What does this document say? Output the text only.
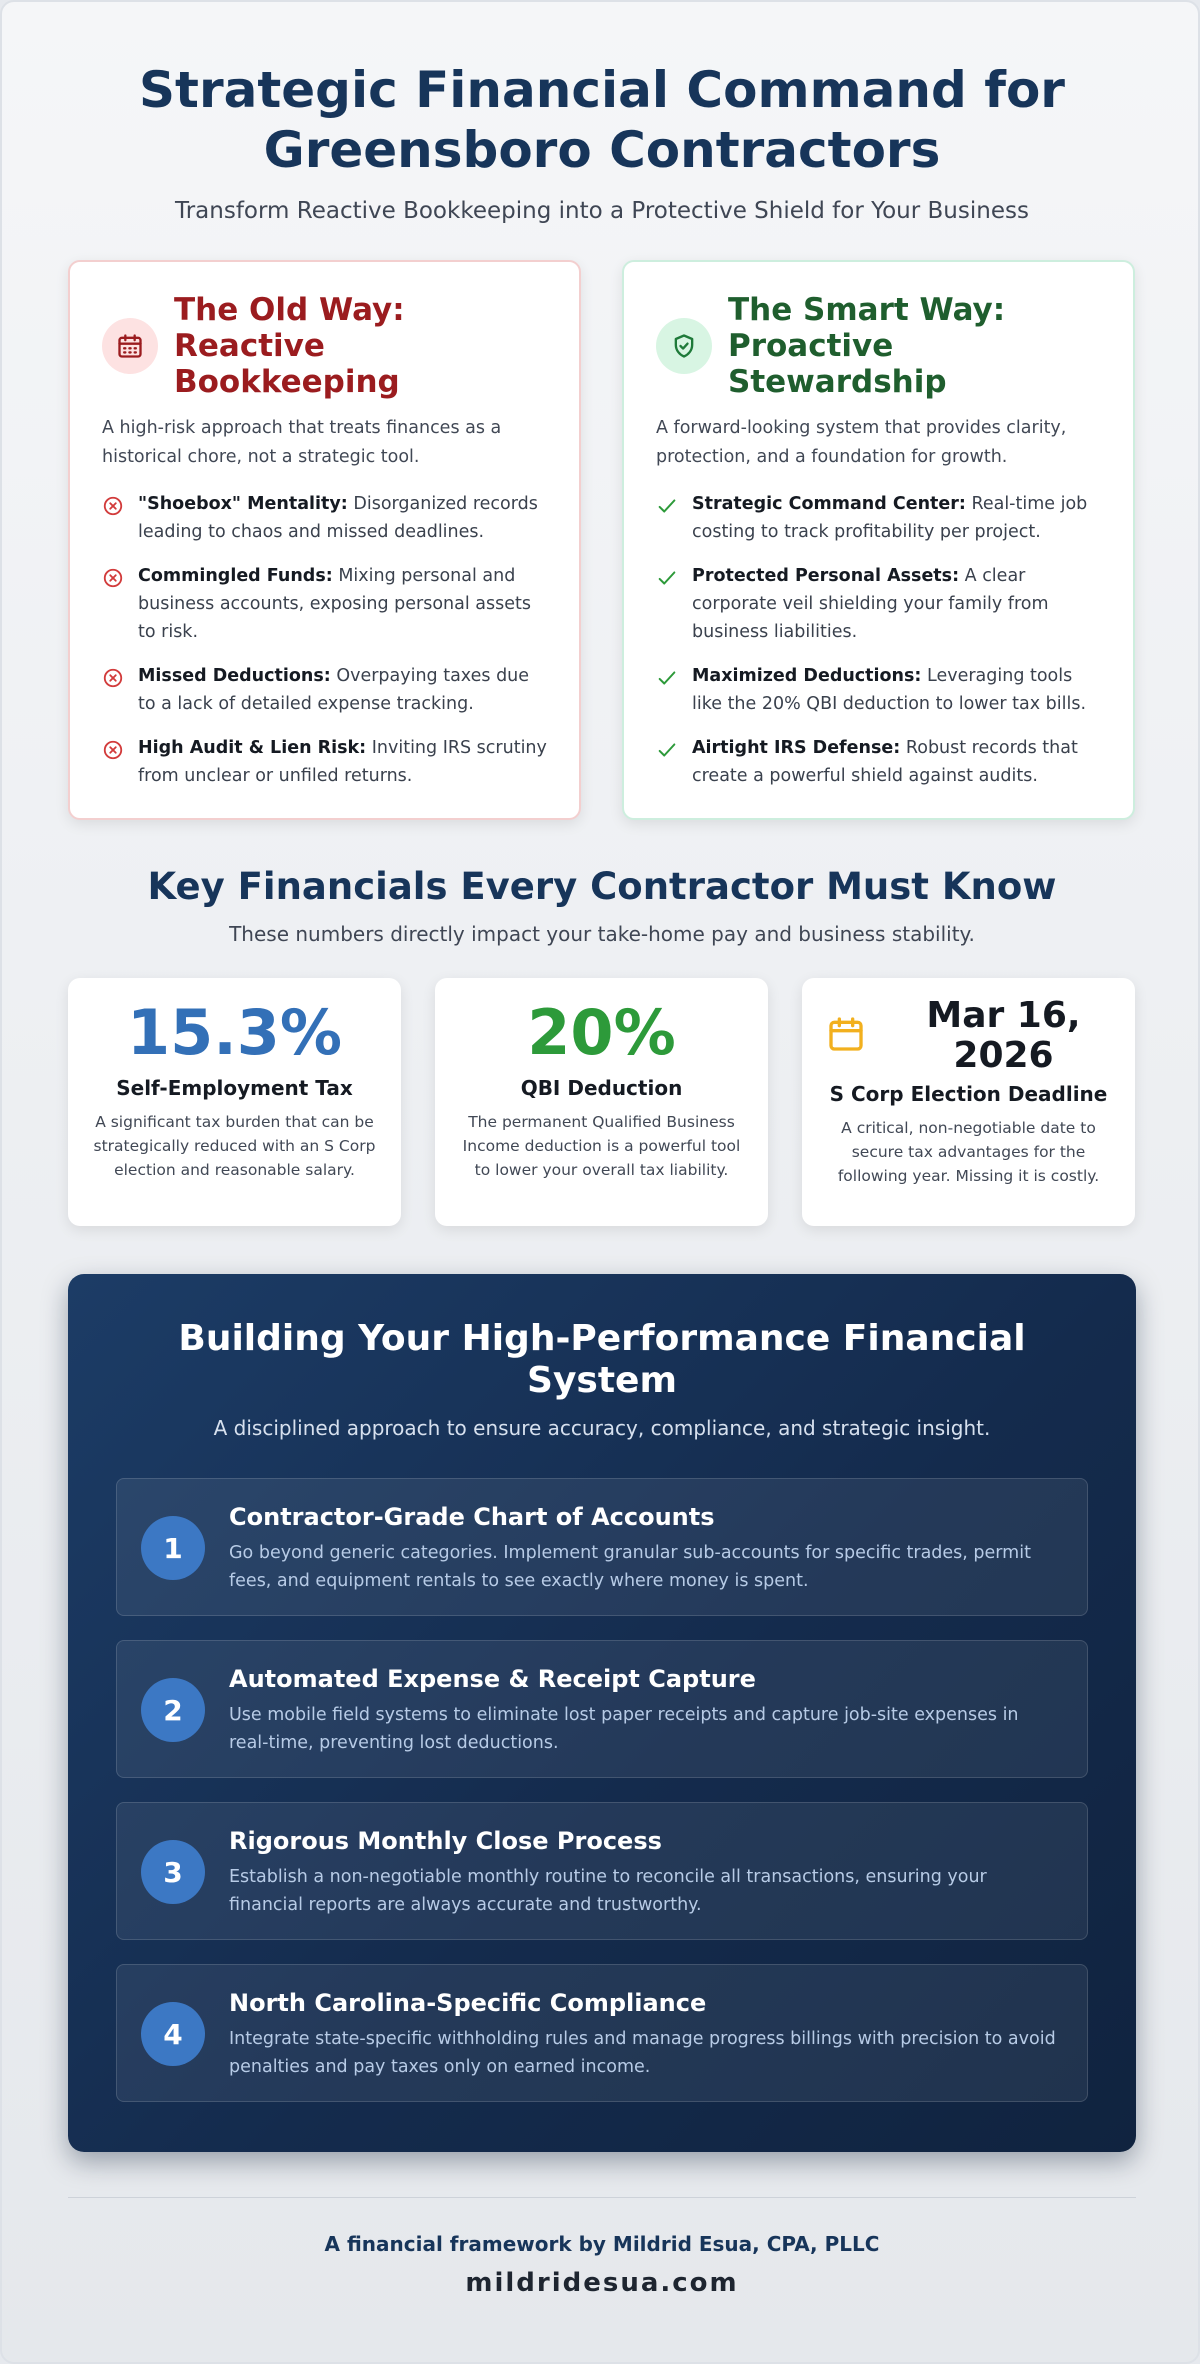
Strategic Financial Command for Greensboro Contractors

Transform Reactive Bookkeeping into a Protective Shield for Your Business

The Old Way: Reactive Bookkeeping
A high-risk approach that treats finances as a historical chore, not a strategic tool.
"Shoebox" Mentality: Disorganized records leading to chaos and missed deadlines.
Commingled Funds: Mixing personal and business accounts, exposing personal assets to risk.
Missed Deductions: Overpaying taxes due to a lack of detailed expense tracking.
High Audit & Lien Risk: Inviting IRS scrutiny from unclear or unfiled returns.
The Smart Way: Proactive Stewardship
A forward-looking system that provides clarity, protection, and a foundation for growth.
Strategic Command Center: Real-time job costing to track profitability per project.
Protected Personal Assets: A clear corporate veil shielding your family from business liabilities.
Maximized Deductions: Leveraging tools like the 20% QBI deduction to lower tax bills.
Airtight IRS Defense: Robust records that create a powerful shield against audits.
Key Financials Every Contractor Must Know

These numbers directly impact your take-home pay and business stability.

15.3%
Self-Employment Tax
A significant tax burden that can be strategically reduced with an S Corp election and reasonable salary.
20%
QBI Deduction
The permanent Qualified Business Income deduction is a powerful tool to lower your overall tax liability.
Mar 16, 2026
S Corp Election Deadline
A critical, non-negotiable date to secure tax advantages for the following year. Missing it is costly.
Building Your High-Performance Financial System

A disciplined approach to ensure accuracy, compliance, and strategic insight.

1
Contractor-Grade Chart of Accounts
Go beyond generic categories. Implement granular sub-accounts for specific trades, permit fees, and equipment rentals to see exactly where money is spent.
2
Automated Expense & Receipt Capture
Use mobile field systems to eliminate lost paper receipts and capture job-site expenses in real-time, preventing lost deductions.
3
Rigorous Monthly Close Process
Establish a non-negotiable monthly routine to reconcile all transactions, ensuring your financial reports are always accurate and trustworthy.
4
North Carolina-Specific Compliance
Integrate state-specific withholding rules and manage progress billings with precision to avoid penalties and pay taxes only on earned income.
A financial framework by Mildrid Esua, CPA, PLLC
mildridesua.com
